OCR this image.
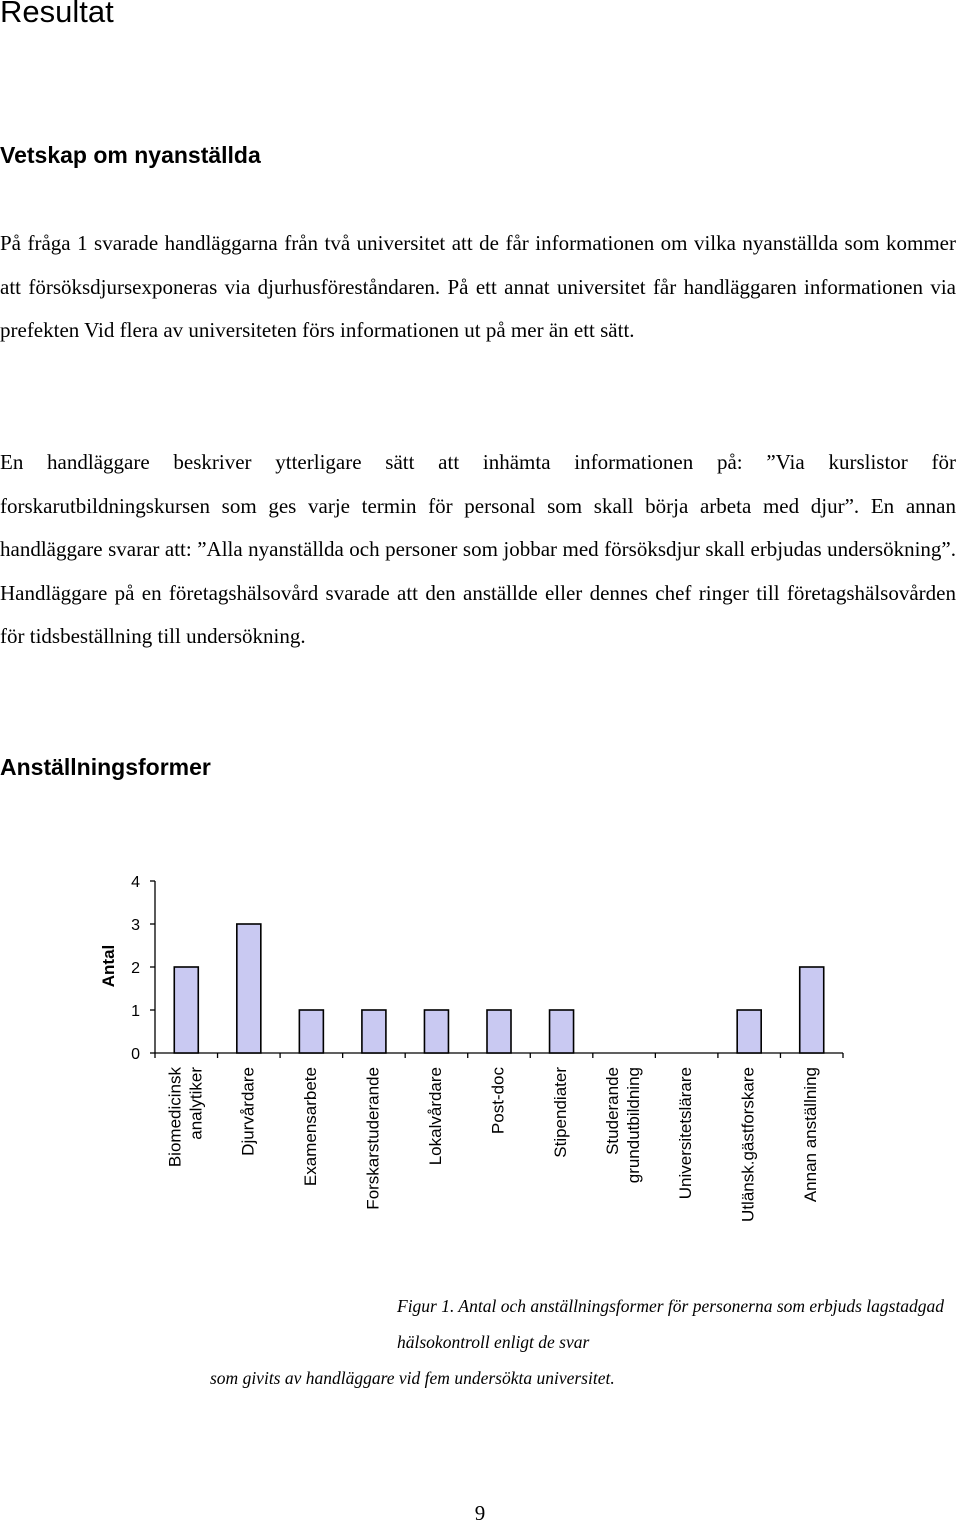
Resultat
Vetskap om nyanställda

På fråga 1 svarade handläggarna från två universitet att de får informationen om vilka nyanställda som kommer att försöksdjursexponeras via djurhusföreståndaren. På ett annat universitet får handläggaren informationen via prefekten Vid flera av universiteten förs informationen ut på mer än ett sätt.

En handläggare beskriver ytterligare sätt att inhämta informationen på: ”Via kurslistor för forskarutbildningskursen som ges varje termin för personal som skall börja arbeta med djur”. En annan handläggare svarar att: ”Alla nyanställda och personer som jobbar med försöksdjur skall erbjudas undersökning”. Handläggare på en företagshälsovård svarade att den anställde eller dennes chef ringer till företagshälsovården för tidsbeställning till undersökning.

Anställningsformer
0
1
2
3
4
Antal
Biomedicinsk analytiker Djurvårdare	Examensarbete	Forskarstuderande	Lokalvårdare	Post-doc	Stipendiater Studerande grundutbildning Universitetslärare	Utlänsk.gästforskare	Annan anställning
Figur 1. Antal och anställningsformer för personerna som erbjuds lagstadgad hälsokontroll enligt de svar
som givits av handläggare vid fem undersökta universitet.
9
